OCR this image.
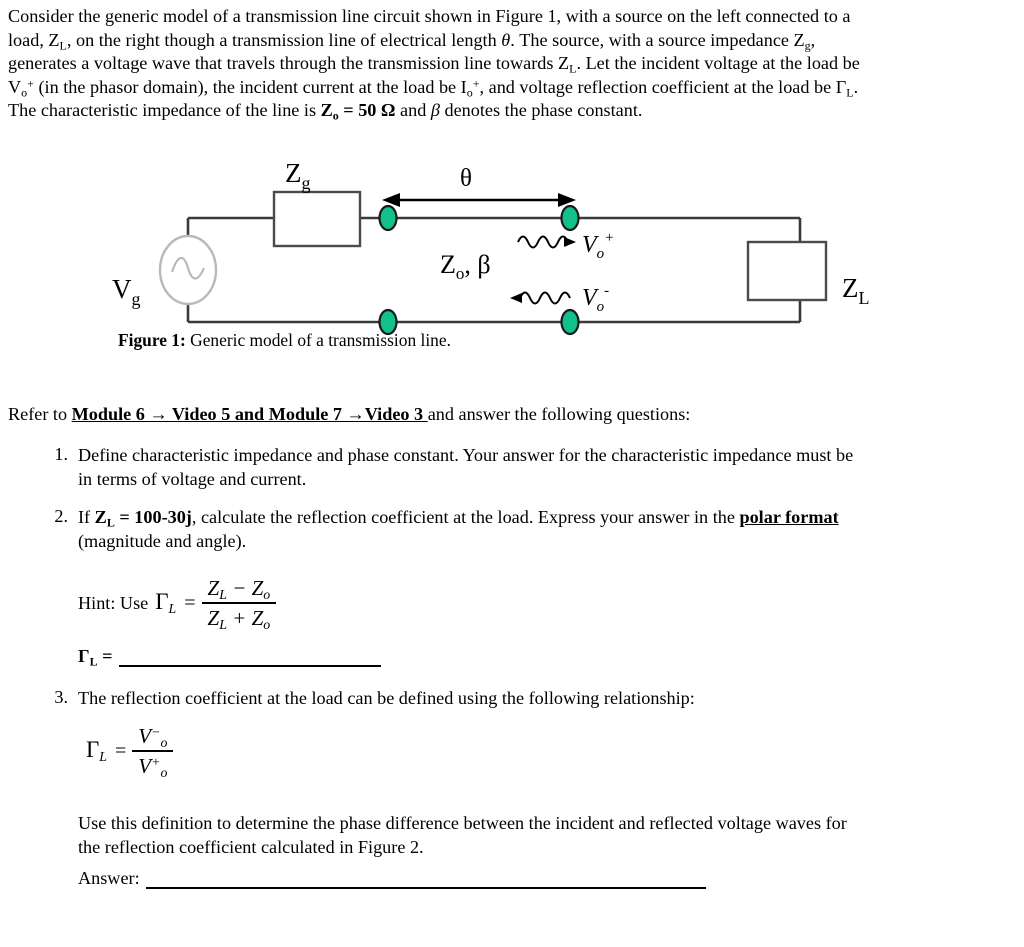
Consider the generic model of a transmission line circuit shown in Figure 1, with a source on the left connected to a
load, $Z_L$, on the right though a transmission line of electrical length θ. The source, with a source impedance $Z_g$,
generates a voltage wave that travels through the transmission line towards $Z_L$. Let the incident voltage at the load be
$V_o^+$ (in the phasor domain), the incident current at the load be $I_o^+$, and voltage reflection coefficient at the load be $\Gamma_L$.
The characteristic impedance of the line is $Z_o = 50$ Ω and β denotes the phase constant.
$Z_g$	θ
$Z_o$, β
$V_g$	$Z_L$
$V_o^+$
$V_o^-$
Figure 1: Generic model of a transmission line.
Refer to Module 6 → Video 5 and Module 7 →Video 3 and answer the following questions:
1. Define characteristic impedance and phase constant. Your answer for the characteristic impedance must be
in terms of voltage and current.
2. If $Z_L = 100-30j$, calculate the reflection coefficient at the load. Express your answer in the polar format
(magnitude and angle).
Hint: Use $\Gamma L = \frac{Z_L - Z_o}{Z_L + Z_o}$
$\Gamma_L$ =
3. The reflection coefficient at the load can be defined using the following relationship:
$\Gamma L = \frac{V^-_o}{V^+_o}$
Use this definition to determine the phase difference between the incident and reflected voltage waves for
the reflection coefficient calculated in Figure 2.
Answer:
